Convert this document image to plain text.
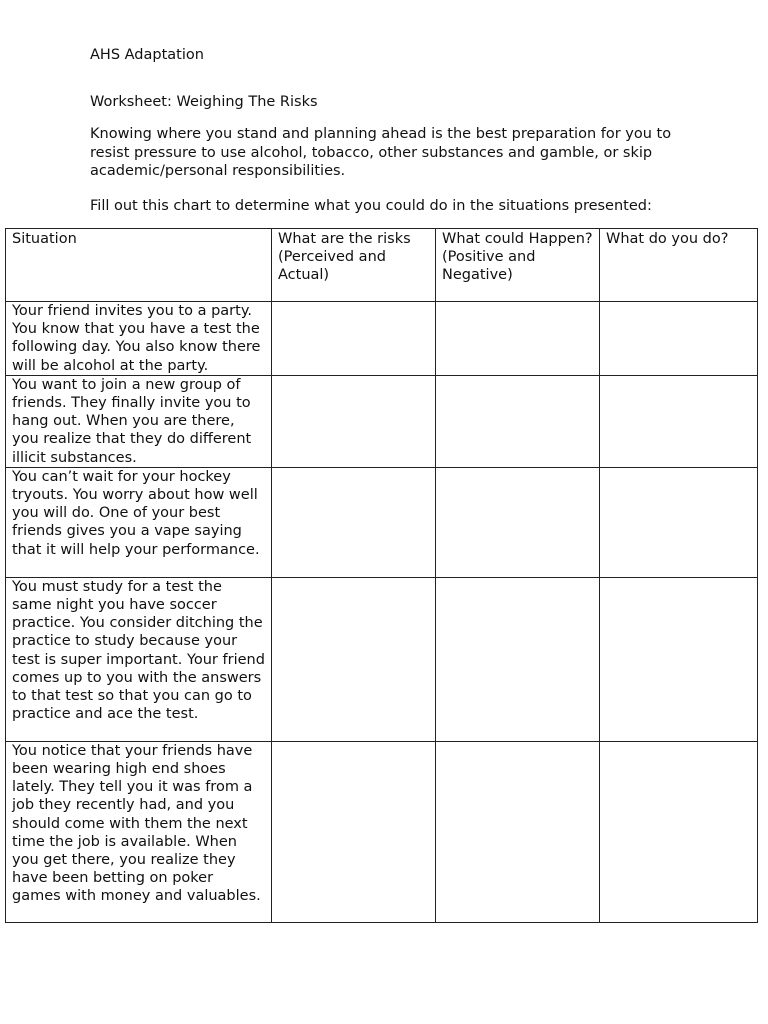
AHS Adaptation

Worksheet: Weighing The Risks

Knowing where you stand and planning ahead is the best preparation for you to resist pressure to use alcohol, tobacco, other substances and gamble, or skip academic/personal responsibilities.

Fill out this chart to determine what you could do in the situations presented:

Situation	What are the risks (Perceived and Actual)	What could Happen? (Positive and Negative)	What do you do?
Your friend invites you to a party. You know that you have a test the following day. You also know there will be alcohol at the party.			
You want to join a new group of friends. They finally invite you to hang out. When you are there, you realize that they do different illicit substances.			
You can’t wait for your hockey tryouts. You worry about how well you will do. One of your best friends gives you a vape saying that it will help your performance.			
You must study for a test the same night you have soccer practice. You consider ditching the practice to study because your test is super important. Your friend comes up to you with the answers to that test so that you can go to practice and ace the test.			
You notice that your friends have been wearing high end shoes lately. They tell you it was from a job they recently had, and you should come with them the next time the job is available. When you get there, you realize they have been betting on poker games with money and valuables.			
